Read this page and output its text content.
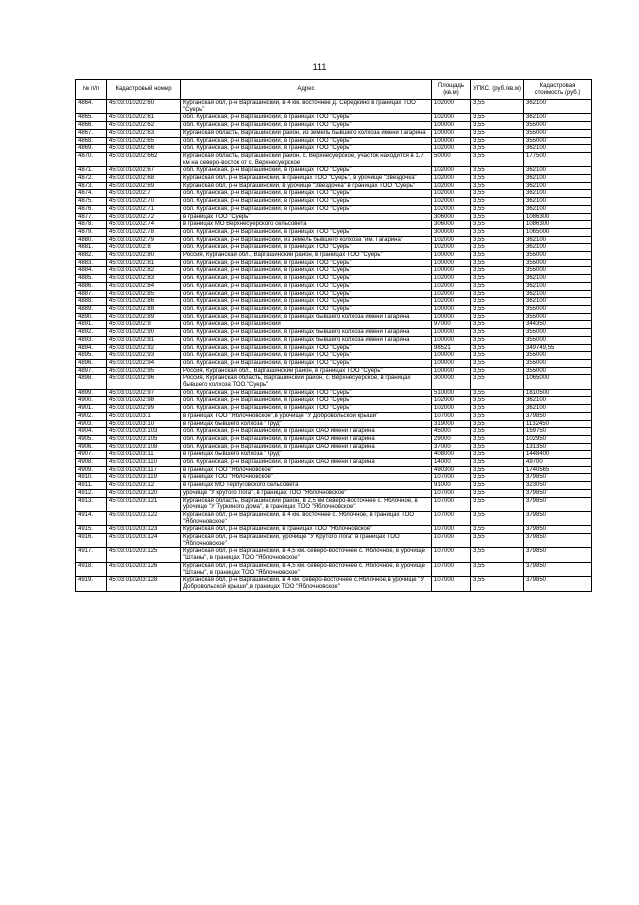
111
№ п/п	Кадастровый номер	Адрес	Площадь (кв.м)	УПКС. (руб./кв.м)	Кадастровая стоимость (руб.)
4864.	45:03:010202:60	Курганская обл, р-н Варгашинский, в 4 км. восточнее д. Середкино в границах ТОО "Суерь"	102000	3,55	362100
4865.	45:03:010202:61	обл. Курганская, р-н Варгашинский, в границах ТОО "Суерь"	102000	3,55	362100
4866.	45:03:010202:62	обл. Курганская, р-н Варгашинский, в границах ТОО "Суерь"	100000	3,55	355000
4867.	45:03:010202:63	Курганская область, Варгашинский район, из земель бывшего колхоза имени Гагарина	100000	3,55	355000
4868.	45:03:010202:65	обл. Курганская, р-н Варгашинский, в границах ТОО "Суерь"	100000	3,55	355000
4869.	45:03:010202:66	обл. Курганская, р-н Варгашинский, в границах ТОО "Суерь"	102000	3,55	362100
4870.	45:03:010202:662	Курганская область, Варгашинский район, с. Верхнесуерское, участок находится в 1,7 км на северо-восток от с. Верхнесуерское	50000	3,55	177500
4871.	45:03:010202:67	обл. Курганская, р-н Варгашинский, в границах ТОО "Суерь"	102000	3,55	362100
4872.	45:03:010202:68	Курганская обл, р-н Варгашинский, в границах ТОО "Суерь", в урочище "Звездочка"	102000	3,55	362100
4873.	45:03:010202:69	Курганская обл, р-н Варгашинский, в урочище "Звездочка" в границах ТОО "Суерь"	102000	3,55	362100
4874.	45:03:010202:7	обл. Курганская, р-н Варгашинский, в границах ТОО "Суерь"	102000	3,55	362100
4875.	45:03:010202:70	обл. Курганская, р-н Варгашинский, в границах ТОО "Суерь"	102000	3,55	362100
4876.	45:03:010202:71	обл. Курганская, р-н Варгашинский, в границах ТОО "Суерь"	102000	3,55	362100
4877.	45:03:010202:72	в границах ТОО "Суерь"	306000	3,55	1086300
4878.	45:03:010202:74	в границах МО Верхнесуерского сельсовета	306000	3,55	1086300
4879.	45:03:010202:78	обл. Курганская, р-н Варгашинский, в границах ТОО "Суерь"	300000	3,55	1065000
4880.	45:03:010202:79	обл. Курганская, р-н Варгашинский, из земель бывшего колхоза "им. Гагарина"	102000	3,55	362100
4881.	45:03:010202:8	обл. Курганская, р-н Варгашинский, в границах ТОО "Суерь"	102000	3,55	362100
4882.	45:03:010202:80	Россия, Курганская обл., Варгашинский район, в границах ТОО "Суерь"	100000	3,55	355000
4883.	45:03:010202:81	обл. Курганская, р-н Варгашинский, в границах ТОО "Суерь"	100000	3,55	355000
4884.	45:03:010202:82	обл. Курганская, р-н Варгашинский, в границах ТОО "Суерь"	100000	3,55	355000
4885.	45:03:010202:83	обл. Курганская, р-н Варгашинский, в границах ТОО "Суерь"	102000	3,55	362100
4886.	45:03:010202:84	обл. Курганская, р-н Варгашинский, в границах ТОО "Суерь"	102000	3,55	362100
4887.	45:03:010202:85	обл. Курганская, р-н Варгашинский, в границах ТОО "Суерь"	102000	3,55	362100
4888.	45:03:010202:86	обл. Курганская, р-н Варгашинский, в границах ТОО "Суерь"	102000	3,55	362100
4889.	45:03:010202:88	обл. Курганская, р-н Варгашинский, в границах ТОО "Суерь"	100000	3,55	355000
4890.	45:03:010202:89	обл. Курганская, р-н Варгашинский, в границах бывшего колхоза имени Гагарина	100000	3,55	355000
4891.	45:03:010202:9	обл. Курганская, р-н Варгашинский	97000	3,55	344350
4892.	45:03:010202:90	обл. Курганская, р-н Варгашинский, в границах бывшего колхоза имени Гагарина	100000	3,55	355000
4893.	45:03:010202:91	обл. Курганская, р-н Варгашинский, в границах бывшего колхоза имени Гагарина	100000	3,55	355000
4894.	45:03:010202:92	обл. Курганская, р-н Варгашинский, в границах ТОО "Суерь"	98521	3,55	349749,55
4895.	45:03:010202:93	обл. Курганская, р-н Варгашинский, в границах ТОО "Суерь"	100000	3,55	355000
4896.	45:03:010202:94	обл. Курганская, р-н Варгашинский, в границах ТОО "Суерь"	100000	3,55	355000
4897.	45:03:010202:95	Россия, Курганская обл., Варгашинский район, в границах ТОО "Суерь"	100000	3,55	355000
4898.	45:03:010202:96	Россия, Курганская область, Варгашинский район, с. Верхнесуерское, в границах бывшего колхоза ТОО "Суерь"	300000	3,55	1065000
4899.	45:03:010202:97	обл. Курганская, р-н Варгашинский, в границах ТОО "Суерь"	510000	3,55	1810500
4900.	45:03:010202:98	обл. Курганская, р-н Варгашинский, в границах ТОО "Суерь"	102000	3,55	362100
4901.	45:03:010202:99	обл. Курганская, р-н Варгашинский, в границах ТОО "Суерь"	102000	3,55	362100
4902.	45:03:010203:1	в границах ТОО "Яблочновское",в урочище "У Добровольской крыши"	107000	3,55	379850
4903.	45:03:010203:10	в границах бывшего колхоза "Труд"	319000	3,55	1132450
4904.	45:03:010203:103	обл. Курганская, р-н Варгашинский, в границах ОАО имени Гагарина	45000	3,55	159750
4905.	45:03:010203:105	обл. Курганская, р-н Варгашинский, в границах ОАО имени Гагарина	29000	3,55	102950
4906.	45:03:010203:108	обл. Курганская, р-н Варгашинский, в границах ОАО имени Гагарина	37000	3,55	131350
4907.	45:03:010203:11	в границах бывшего колхоза "Труд"	408000	3,55	1448400
4908.	45:03:010203:110	обл. Курганская, р-н Варгашинский, в границах ОАО имени Гагарина	14000	3,55	49700
4909.	45:03:010203:117	в границах ТОО "Яблочновское"	490300	3,55	1740565
4910.	45:03:010203:119	в границах ТОО "Яблочновское"	107000	3,55	379850
4911.	45:03:010203:12	в границах МО Терпуговского сельсовета	91000	3,55	323050
4912.	45:03:010203:120	урочище "У крутого Лога", в границах ТОО "Яблочновское"	107000	3,55	379850
4913.	45:03:010203:121	Курганская область, Варгашинский район, в 2,5 км северо-восточнее с. Яблочное, в урочище "У Туркиного дома", в границах ТОО "Яблочновское"	107000	3,55	379850
4914.	45:03:010203:122	Курганская обл, р-н Варгашинский, в 4 км. восточнее с. Яблочное, в границах ТОО "Яблочновское"	107000	3,55	379850
4915.	45:03:010203:123	Курганская обл, р-н Варгашинский, в границах ТОО "Яблочновское"	107000	3,55	379850
4916.	45:03:010203:124	Курганская обл, р-н Варгашинский, урочище "У Крутого Лога" в границах ТОО "Яблочновское"	107000	3,55	379850
4917.	45:03:010203:125	Курганская обл, р-н Варгашинский, в 4,5 км. северо-восточнее с. Яблочное, в урочище "Штаны", в границах ТОО "Яблочновское"	107000	3,55	379850
4918.	45:03:010203:126	Курганская обл, р-н Варгашинский, в 4,5 км. северо-восточнее с. Яблочное, в урочище "Штаны", в границах ТОО "Яблочновское"	107000	3,55	379850
4919.	45:03:010203:128	Курганская обл, р-н Варгашинский, в 4 км. северо-восточнее с.Яблочное,в урочище "У Добровольской крыши",в границах ТОО "Яблочновское"	107000	3,55	379850
